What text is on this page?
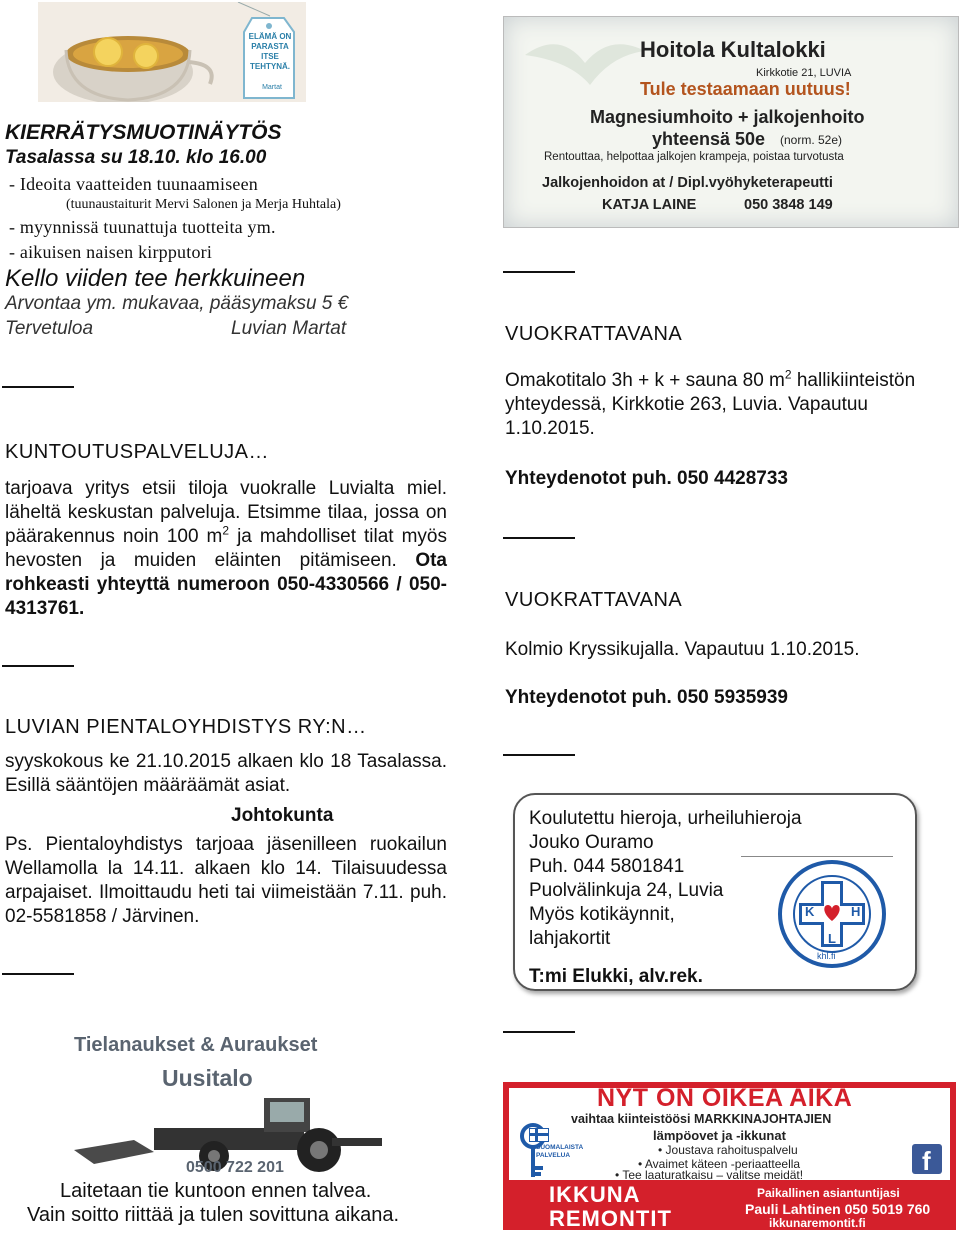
ELÄMÄ ON PARASTA ITSE TEHTYNÄ.
Martat
KIERRÄTYSMUOTINÄYTÖS
Tasalassa su 18.10. klo 16.00
- Ideoita vaatteiden tuunaamiseen
(tuunaustaiturit Mervi Salonen ja Merja Huhtala)
- myynnissä tuunattuja tuotteita ym.
- aikuisen naisen kirpputori
Kello viiden tee herkkuineen
Arvontaa ym. mukavaa, pääsymaksu 5 €
Tervetuloa	Luvian Martat
KUNTOUTUSPALVELUJA…

tarjoava yritys etsii tiloja vuokralle Luvialta miel. läheltä keskustan palveluja. Etsimme tilaa, jossa on päärakennus noin 100 $m^2$ ja mahdolliset tilat myös hevosten ja muiden eläinten pitämiseen. Ota rohkeasti yhteyttä numeroon 050-4330566 / 050-4313761.

LUVIAN PIENTALOYHDISTYS RY:N…

syyskokous ke 21.10.2015 alkaen klo 18 Tasalassa. Esillä sääntöjen määräämät asiat.

Johtokunta

Ps. Pientaloyhdistys tarjoaa jäsenilleen ruokailun Wellamolla la 14.11. alkaen klo 14. Tilaisuudessa arpajaiset. Ilmoittaudu heti tai viimeistään 7.11. puh. 02-5581858 / Järvinen.

Tielanaukset & Auraukset
Uusitalo
0500 722 201
Laitetaan tie kuntoon ennen talvea.
Vain soitto riittää ja tulen sovittuna aikana.
Hoitola Kultalokki
Kirkkotie 21, LUVIA
Tule testaamaan uutuus!
Magnesiumhoito + jalkojenhoito
yhteensä 50e (norm. 52e)
Rentouttaa, helpottaa jalkojen krampeja, poistaa turvotusta
Jalkojenhoidon at / Dipl.vyöhyketerapeutti
KATJA LAINE	050 3848 149
VUOKRATTAVANA

Omakotitalo 3h + k + sauna 80 $m^2$ hallikiinteistön yhteydessä, Kirkkotie 263, Luvia. Vapautuu 1.10.2015.

Yhteydenotot puh. 050 4428733
VUOKRATTAVANA
Kolmio Kryssikujalla. Vapautuu 1.10.2015.
Yhteydenotot puh. 050 5935939
Koulutettu hieroja, urheiluhieroja
Jouko Ouramo
Puh. 044 5801841
Puolvälinkuja 24, Luvia
Myös kotikäynnit,
lahjakortit
T:mi Elukki, alv.rek.
K	H
L
khl.fi
NYT ON OIKEA AIKA
vaihtaa kiinteistöösi MARKKINAJOHTAJIEN
lämpöovet ja -ikkunat
• Joustava rahoituspalvelu
• Avaimet käteen -periaatteella
• Tee laaturatkaisu – valitse meidät!
SUOMALAISTA PALVELUA	f
IKKUNA
REMONTIT
Paikallinen asiantuntijasi
Pauli Lahtinen 050 5019 760
ikkunaremontit.fi
